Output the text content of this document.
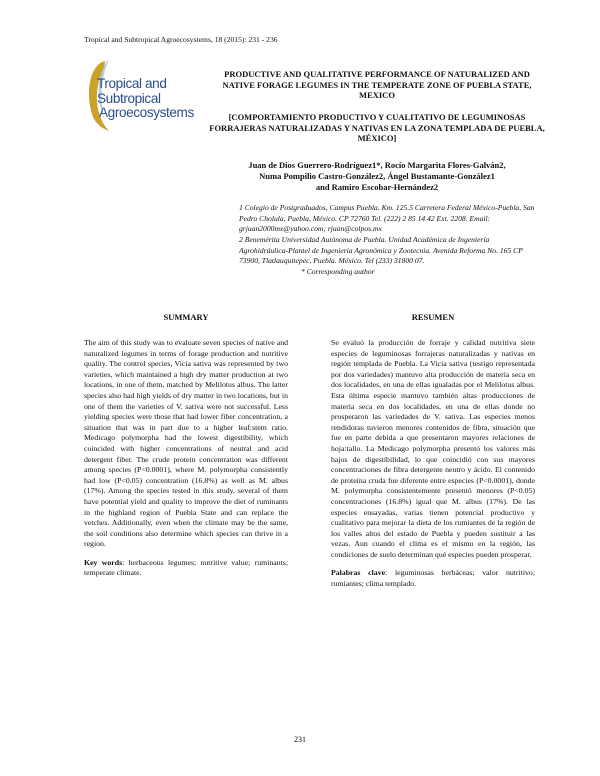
Tropical and Subtropical Agroecosystems, 18 (2015): 231 - 236
Tropical and
Subtropical
Agroecosystems
PRODUCTIVE AND QUALITATIVE PERFORMANCE OF NATURALIZED AND NATIVE FORAGE LEGUMES IN THE TEMPERATE ZONE OF PUEBLA STATE, MEXICO
[COMPORTAMIENTO PRODUCTIVO Y CUALITATIVO DE LEGUMINOSAS FORRAJERAS NATURALIZADAS Y NATIVAS EN LA ZONA TEMPLADA DE PUEBLA, MÉXICO]
Juan de Dios Guerrero-Rodríguez1*, Rocío Margarita Flores-Galván2,
Numa Pompilio Castro-González2, Ángel Bustamante-González1
and Ramiro Escobar-Hernández2
1 Colegio de Postgraduados, Campus Puebla. Km. 125.5 Carretera Federal México-Puebla, San Pedro Cholula, Puebla, México. CP 72760 Tel. (222) 2 85 14 42 Ext. 2208. Email: grjuan2000mx@yahoo.com; rjuan@colpos.mx
2 Benemérita Universidad Autónoma de Puebla. Unidad Académica de Ingeniería Agrohidráulica-Plantel de Ingeniería Agronómica y Zootecnia. Avenida Reforma No. 165 CP 73900, Tlatlauquitepec, Puebla. México. Tel (233) 31800 07.
* Corresponding author
SUMMARY

The aim of this study was to evaluate seven species of native and naturalized legumes in terms of forage production and nutritive quality. The control species, Vicia sativa was represented by two varieties, which maintained a high dry matter production at two locations, in one of them, matched by Melilotus albus. The latter species also had high yields of dry matter in two locations, but in one of them the varieties of V. sativa were not successful. Less yielding species were those that had lower fiber concentration, a situation that was in part due to a higher leaf:stem ratio. Medicago polymorpha had the lowest digestibility, which coincided with higher concentrations of neutral and acid detergent fiber. The crude protein concentration was different among species (P<0.0001), where M. polymorpha consistently had low (P<0.05) concentration (16.8%) as well as M. albus (17%). Among the species tested in this study, several of them have potential yield and quality to improve the diet of ruminants in the highland region of Puebla State and can replace the vetches. Additionally, even when the climate may be the same, the soil conditions also determine which species can thrive in a region.

Key words: herbaceous legumes; nutritive value; ruminants; temperate climate.

RESUMEN

Se evaluó la producción de forraje y calidad nutritiva siete especies de leguminosas forrajeras naturalizadas y nativas en región templada de Puebla. La Vicia sativa (testigo representada por dos variedades) mantuvo alta producción de materia seca en dos localidades, en una de ellas igualadas por el Melilotus albus. Esta última especie mantuvo también altas producciones de materia seca en dos localidades, en una de ellas donde no prosperaron las variedades de V. sativa. Las especies menos rendidoras tuvieron menores contenidos de fibra, situación que fue en parte debida a que presentaron mayores relaciones de hoja:tallo. La Medicago polymorpha presentó los valores más bajos de digestibilidad, lo que coincidió con sus mayores concentraciones de fibra detergente neutro y ácido. El contenido de proteína cruda fue diferente entre especies (P<0.0001), donde M. polymorpha consistentemente presentó menores (P<0.05) concentraciones (16.8%) igual que M. albus (17%). De las especies ensayadas, varias tienen potencial productivo y cualitativo para mejorar la dieta de los rumiantes de la región de los valles altos del estado de Puebla y pueden sustituir a las vezas. Aun cuando el clima es el mismo en la región, las condiciones de suelo determinan qué especies pueden prosperar.

Palabras clave: leguminosas herbáceas; valor nutritivo; rumiantes; clima templado.

231
